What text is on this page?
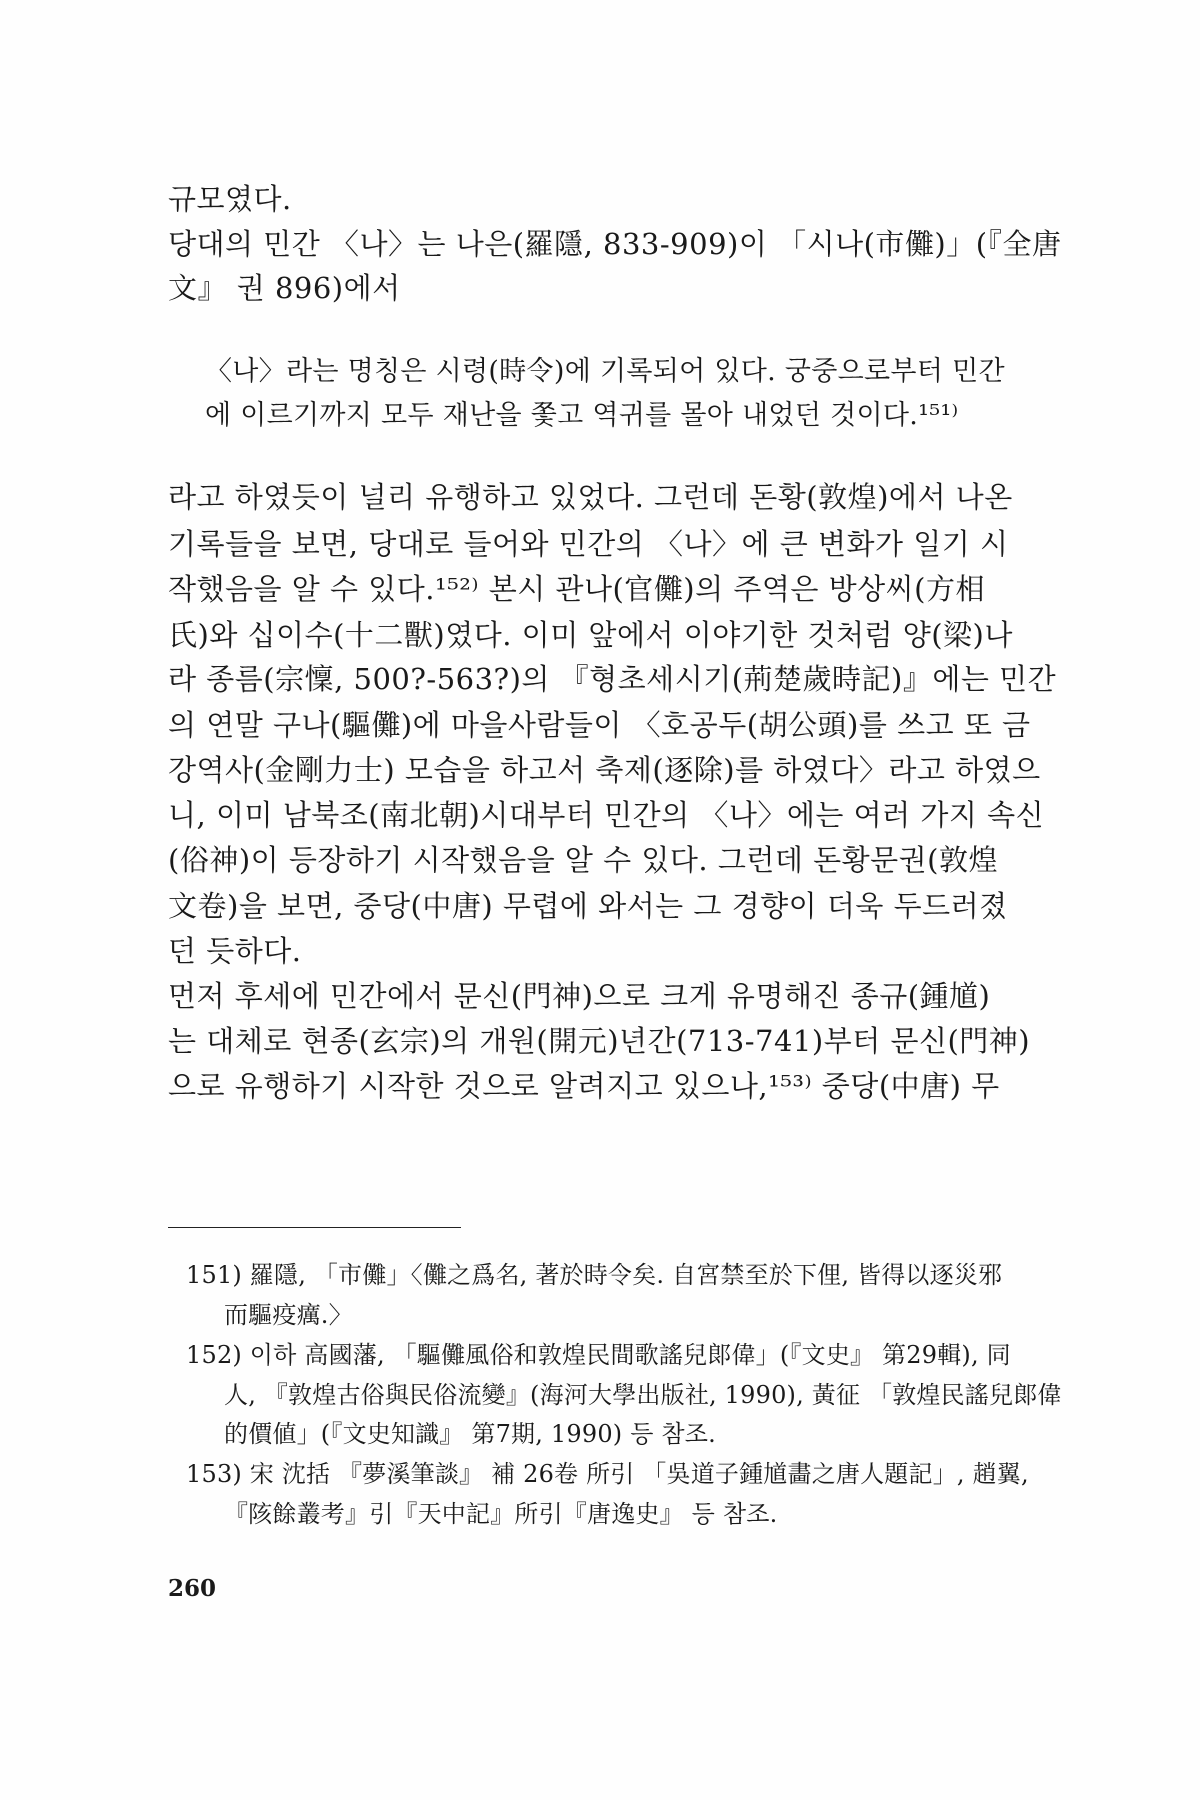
규모였다.
당대의 민간 〈나〉는 나은(羅隱, 833-909)이 「시나(市儺)」(『全唐
文』 권 896)에서
〈나〉라는 명칭은 시령(時令)에 기록되어 있다. 궁중으로부터 민간
에 이르기까지 모두 재난을 쫓고 역귀를 몰아 내었던 것이다.¹⁵¹⁾
라고 하였듯이 널리 유행하고 있었다. 그런데 돈황(敦煌)에서 나온
기록들을 보면, 당대로 들어와 민간의 〈나〉에 큰 변화가 일기 시
작했음을 알 수 있다.¹⁵²⁾ 본시 관나(官儺)의 주역은 방상씨(方相
氏)와 십이수(十二獸)였다. 이미 앞에서 이야기한 것처럼 양(梁)나
라 종름(宗懍, 500?-563?)의 『형초세시기(荊楚歲時記)』에는 민간
의 연말 구나(驅儺)에 마을사람들이 〈호공두(胡公頭)를 쓰고 또 금
강역사(金剛力士) 모습을 하고서 축제(逐除)를 하였다〉라고 하였으
니, 이미 남북조(南北朝)시대부터 민간의 〈나〉에는 여러 가지 속신
(俗神)이 등장하기 시작했음을 알 수 있다. 그런데 돈황문권(敦煌
文卷)을 보면, 중당(中唐) 무렵에 와서는 그 경향이 더욱 두드러졌
던 듯하다.
먼저 후세에 민간에서 문신(門神)으로 크게 유명해진 종규(鍾馗)
는 대체로 현종(玄宗)의 개원(開元)년간(713-741)부터 문신(門神)
으로 유행하기 시작한 것으로 알려지고 있으나,¹⁵³⁾ 중당(中唐) 무
151) 羅隱, 「市儺」〈儺之爲名, 著於時令矣. 自宮禁至於下俚, 皆得以逐災邪
而驅疫癘.〉
152) 이하 高國藩, 「驅儺風俗和敦煌民間歌謠兒郞偉」(『文史』 第29輯), 同
人, 『敦煌古俗與民俗流變』(海河大學出版社, 1990), 黃征 「敦煌民謠兒郞偉
的價値」(『文史知識』 第7期, 1990) 등 참조.
153) 宋 沈括 『夢溪筆談』 補 26卷 所引 「吳道子鍾馗畵之唐人題記」, 趙翼,
『陔餘叢考』引『天中記』所引『唐逸史』 등 참조.
260
